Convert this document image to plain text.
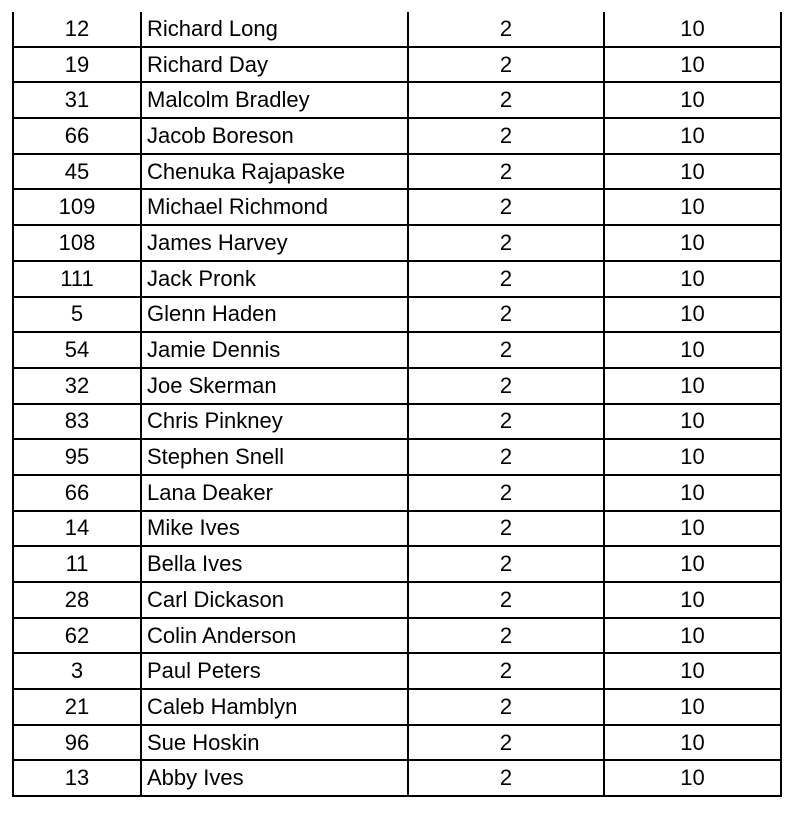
12	Richard Long	2	10
19	Richard Day	2	10
31	Malcolm Bradley	2	10
66	Jacob Boreson	2	10
45	Chenuka Rajapaske	2	10
109	Michael Richmond	2	10
108	James Harvey	2	10
111	Jack Pronk	2	10
5	Glenn Haden	2	10
54	Jamie Dennis	2	10
32	Joe Skerman	2	10
83	Chris Pinkney	2	10
95	Stephen Snell	2	10
66	Lana Deaker	2	10
14	Mike Ives	2	10
11	Bella Ives	2	10
28	Carl Dickason	2	10
62	Colin Anderson	2	10
3	Paul Peters	2	10
21	Caleb Hamblyn	2	10
96	Sue Hoskin	2	10
13	Abby Ives	2	10
